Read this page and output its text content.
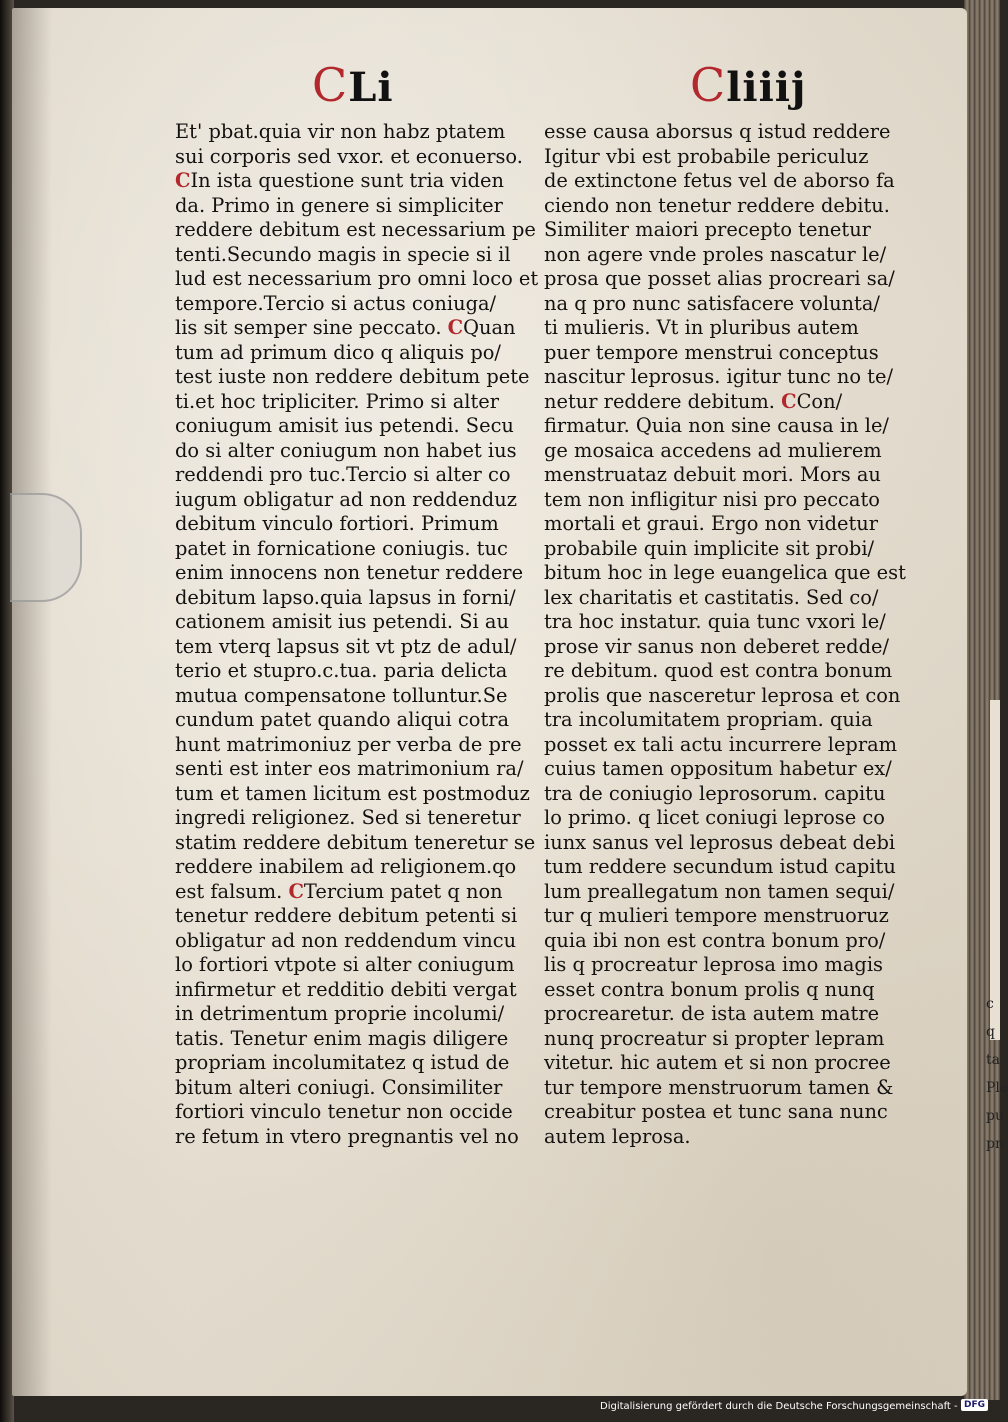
c
q
ta
Ple
pu
pn
CLi	Cliiij
Et' pbat.quia vir non habz ptatem
sui corporis sed vxor. et econuerso.
CIn ista questione sunt tria viden
da. Primo in genere si simpliciter
reddere debitum est necessarium pe
tenti.Secundo magis in specie si il
lud est necessarium pro omni loco et
tempore.Tercio si actus coniuga/
lis sit semper sine peccato. CQuan
tum ad primum dico q aliquis po/
test iuste non reddere debitum pete
ti.et hoc tripliciter. Primo si alter
coniugum amisit ius petendi. Secu
do si alter coniugum non habet ius
reddendi pro tuc.Tercio si alter co
iugum obligatur ad non reddenduz
debitum vinculo fortiori. Primum
patet in fornicatione coniugis. tuc
enim innocens non tenetur reddere
debitum lapso.quia lapsus in forni/
cationem amisit ius petendi. Si au
tem vterq lapsus sit vt ptz de adul/
terio et stupro.c.tua. paria delicta
mutua compensatone tolluntur.Se
cundum patet quando aliqui cotra
hunt matrimoniuz per verba de pre
senti est inter eos matrimonium ra/
tum et tamen licitum est postmoduz
ingredi religionez. Sed si teneretur
statim reddere debitum teneretur se
reddere inabilem ad religionem.qo
est falsum. CTercium patet q non
tenetur reddere debitum petenti si
obligatur ad non reddendum vincu
lo fortiori vtpote si alter coniugum
infirmetur et redditio debiti vergat
in detrimentum proprie incolumi/
tatis. Tenetur enim magis diligere
propriam incolumitatez q istud de
bitum alteri coniugi. Consimiliter
fortiori vinculo tenetur non occide
re fetum in vtero pregnantis vel no
esse causa aborsus q istud reddere
Igitur vbi est probabile periculuz
de extinctone fetus vel de aborso fa
ciendo non tenetur reddere debitu.
Similiter maiori precepto tenetur
non agere vnde proles nascatur le/
prosa que posset alias procreari sa/
na q pro nunc satisfacere volunta/
ti mulieris. Vt in pluribus autem
puer tempore menstrui conceptus
nascitur leprosus. igitur tunc no te/
netur reddere debitum. CCon/
firmatur. Quia non sine causa in le/
ge mosaica accedens ad mulierem
menstruataz debuit mori. Mors au
tem non infligitur nisi pro peccato
mortali et graui. Ergo non videtur
probabile quin implicite sit probi/
bitum hoc in lege euangelica que est
lex charitatis et castitatis. Sed co/
tra hoc instatur. quia tunc vxori le/
prose vir sanus non deberet redde/
re debitum. quod est contra bonum
prolis que nasceretur leprosa et con
tra incolumitatem propriam. quia
posset ex tali actu incurrere lepram
cuius tamen oppositum habetur ex/
tra de coniugio leprosorum. capitu
lo primo. q licet coniugi leprose co
iunx sanus vel leprosus debeat debi
tum reddere secundum istud capitu
lum preallegatum non tamen sequi/
tur q mulieri tempore menstruoruz
quia ibi non est contra bonum pro/
lis q procreatur leprosa imo magis
esset contra bonum prolis q nunq
procrearetur. de ista autem matre
nunq procreatur si propter lepram
vitetur. hic autem et si non procree
tur tempore menstruorum tamen &
creabitur postea et tunc sana nunc
autem leprosa.
Digitalisierung gefördert durch die Deutsche Forschungsgemeinschaft - DFG
